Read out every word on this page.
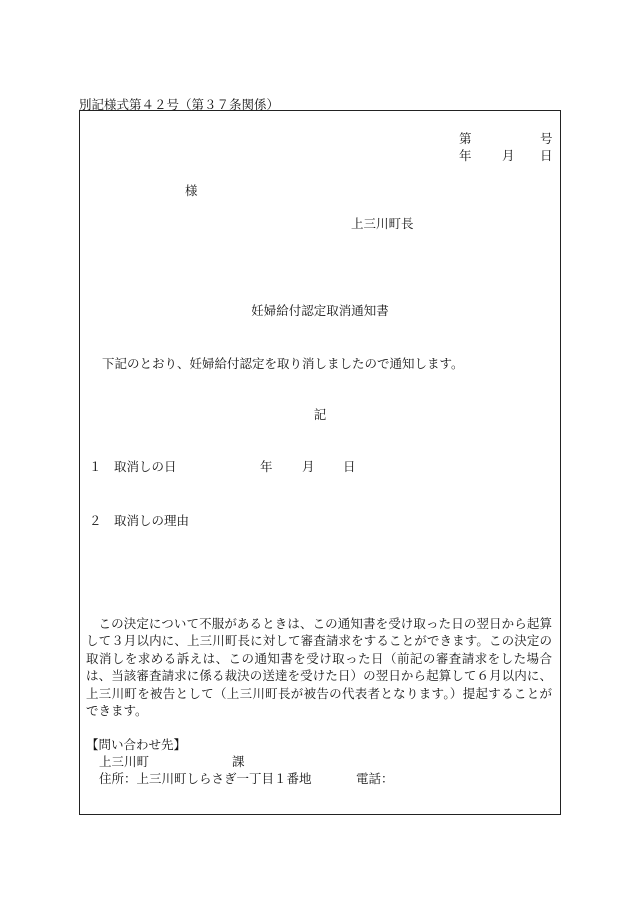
別記様式第４２号（第３７条関係）
第	号
年 月 日
様
上三川町長
妊婦給付認定取消通知書
下記のとおり、妊婦給付認定を取り消しましたので通知します。
記
１ 取消しの日	年 月 日
２ 取消しの理由
この決定について不服があるときは、この通知書を受け取った日の翌日から起算して３月以内に、上三川町長に対して審査請求をすることができます。この決定の取消しを求める訴えは、この通知書を受け取った日（前記の審査請求をした場合は、当該審査請求に係る裁決の送達を受けた日）の翌日から起算して６月以内に、上三川町を被告として（上三川町長が被告の代表者となります。）提起することができます。
【問い合わせ先】
上三川町	課
住所：上三川町しらさぎ一丁目１番地	電話：
